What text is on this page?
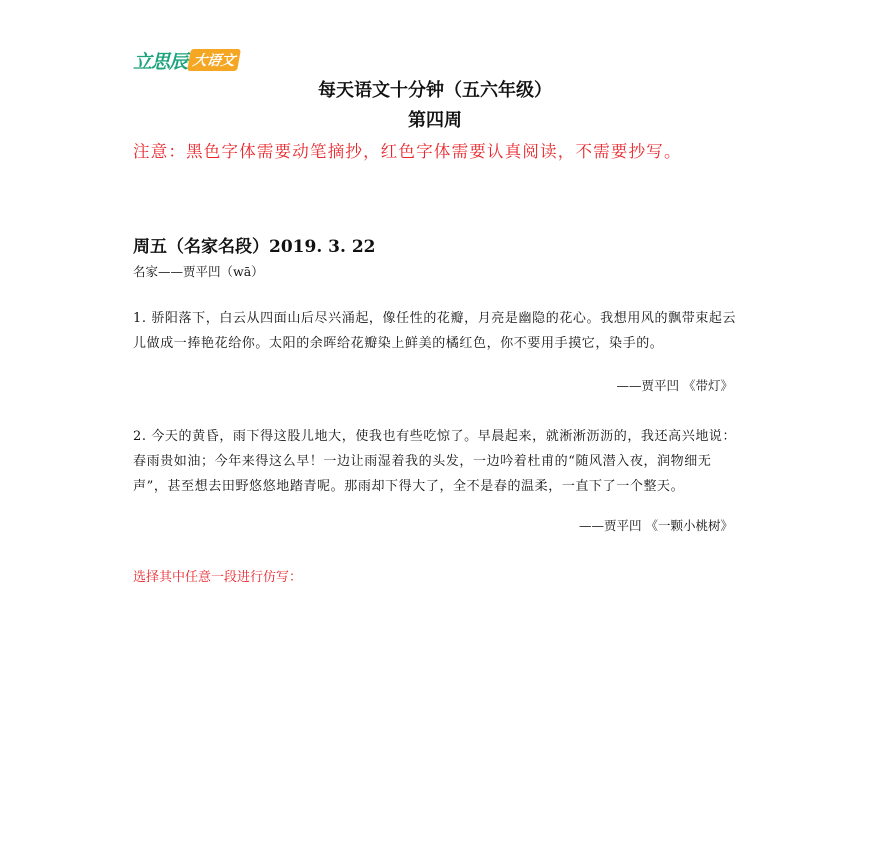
立思辰 大语文
每天语文十分钟（五六年级）
第四周
注意：黑色字体需要动笔摘抄，红色字体需要认真阅读，不需要抄写。
周五（名家名段）2019. 3. 22
名家——贾平凹（wā）

1. 骄阳落下，白云从四面山后尽兴涌起，像任性的花瓣，月亮是幽隐的花心。我想用风的飘带束起云儿做成一捧艳花给你。太阳的余晖给花瓣染上鲜美的橘红色，你不要用手摸它，染手的。

——贾平凹 《带灯》

2. 今天的黄昏，雨下得这股儿地大，使我也有些吃惊了。早晨起来，就淅淅沥沥的，我还高兴地说：春雨贵如油；今年来得这么早！一边让雨湿着我的头发，一边吟着杜甫的“随风潜入夜，润物细无声”，甚至想去田野悠悠地踏青呢。那雨却下得大了，全不是春的温柔，一直下了一个整天。

——贾平凹 《一颗小桃树》
选择其中任意一段进行仿写：
